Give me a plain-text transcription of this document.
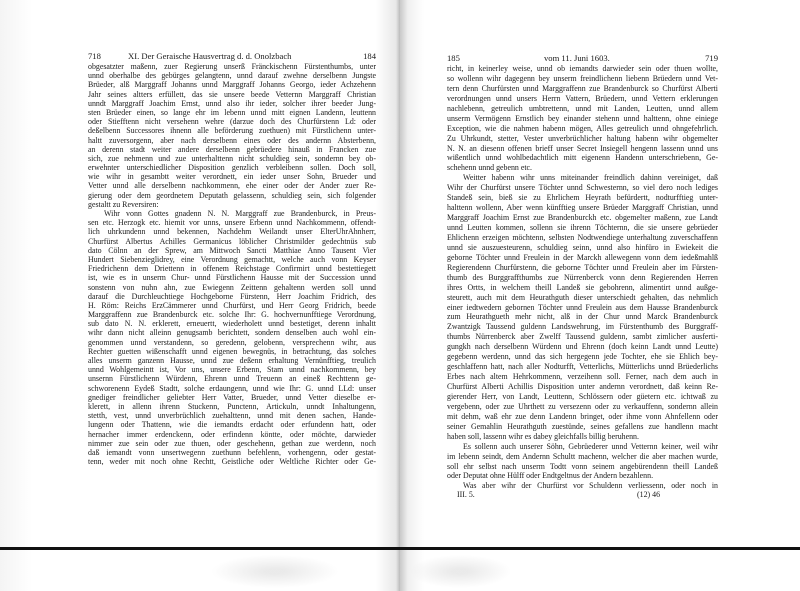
718	XI. Der Geraische Hausvertrag d. d. Onolzbach	184
obgesatzter maßenn, zuer Regierung unserß Fränckischenn Fürstenthumbs, unter
unnd oberhalbe des gebürges gelangtenn, unnd darauf zwehne derselbenn Jungste
Brüeder, alß Marggraff Johanns unnd Marggraff Johanns Georgo, ieder Achzehenn
Jahr seines altters erfüllett, das sie unsere beede Vetternn Marggraff Christian
unndt Marggraff Joachim Ernst, unnd also ihr ieder, solcher ihrer beeder Jung-
sten Brüeder einen, so lange ehr im lebenn unnd mitt eignen Landenn, leuttenn
oder Stiefftenn nicht versehenn wehre (darzue doch des Churfürstenn Ld: oder
deßelbenn Successores ihnenn alle beförderung zuethuen) mit Fürstlichenn unter-
haltt zuversorgenn, aber nach derselbenn eines oder des andernn Absterbenn,
an derenn stadt weiter andere derselbenn gebrüedere hinauß in Francken zue
sich, zue nehmenn und zue unterhalttenn nicht schuldieg sein, sondernn bey ob-
erwehnter unterschiedlicher Disposition genzlich verbleibenn sollen. Doch soll,
wie wihr in gesambtt weiter verordnett, ein ieder unser Sohn, Brueder und
Vetter unnd alle derselbenn nachkommenn, ehe einer oder der Ander zuer Re-
gierung oder dem geordnetem Deputath gelassenn, schuldieg sein, sich folgender
gestaltt zu Reversiren:
Wihr vonn Gottes gnadenn N. N. Marggraff zue Brandenburck, in Preus-
sen etc. Herzogk etc. hiemit vor unns, unsere Erbenn unnd Nachkommenn, offendt-
lich uhrkundenn unnd bekennen, Nachdehm Weilandt unser ElterUhrAhnherr,
Churfürst Albertus Achilles Germanicus löblicher Christmilder gedechtnüs sub
dato Cölnn an der Sprew, am Mittwoch Sancti Matthiae Anno Tausent Vier
Hundert Siebenzieglidrey, eine Verordnung gemachtt, welche auch vonn Keyser
Friedrichenn dem Driettenn in offenem Reichstage Confirmirt unnd bestettiegett
ist, wie es in unserm Chur- unnd Fürstlichenn Hausse mit der Succession unnd
sonstenn von nuhn ahn, zue Ewiegenn Zeittenn gehaltenn werden soll unnd
darauf die Durchleuchtiege Hochgeborne Fürstenn, Herr Joachim Fridrich, des
H. Röm: Reichs ErzCämmerer unnd Churfürst, und Herr Georg Fridrich, beede
Marggraffenn zue Brandenburck etc. solche Ihr: G. hochvernunfftiege Verordnung,
sub dato N. N. erklerett, erneuertt, wiederholett unnd bestetiget, derenn inhaltt
wihr dann nicht alleinn genugsamb berichtett, sondern denselben auch wohl ein-
genommen unnd verstandenn, so geredenn, gelobenn, versprechenn wihr, aus
Rechter guetten wißenschafft unnd eigenen bewegnüs, in betrachtung, das solches
alles unserm ganzenn Hausse, unnd zue deßenn erhaltung Vernünfftieg, treulich
unnd Wohlgemeintt ist, Vor uns, unsere Erbenn, Stam unnd nachkommenn, bey
unsernn Fürstlichenn Würdenn, Ehrenn unnd Treuenn an eineß Rechttenn ge-
schworenenn Eydeß Stadtt, solche erdaungenn, unnd wie Ihr: G. unnd LLd: unser
gnediger freindlicher geliebter Herr Vatter, Brueder, unnd Vetter dieselbe er-
klerett, in allenn ihrenn Stuckenn, Punctenn, Artickuln, unndt Inhaltungenn,
stetth, vest, unnd unverbrüchlich zuehalttenn, unnd mit denen sachen, Hande-
lungenn oder Thattenn, wie die iemandts erdacht oder erfundenn hatt, oder
hernacher immer erdenckenn, oder erfindenn köntte, oder möchte, darwieder
nimmer zue sein oder zue thuen, oder geschehenn, gethan zue werdenn, noch
daß iemandt vonn unsertwegenn zuethunn befehlenn, vorhengenn, oder gestat-
tenn, weder mit noch ohne Rechtt, Geistliche oder Weltliche Richter oder Ge-
185	vom 11. Juni 1603.	719
richt, in keinerley weise, unnd ob iemandts darwieder sein oder thuen wollte,
so wollenn wihr dagegenn bey unserm freindlichenn liebenn Brüedern unnd Vet-
tern denn Churfürsten unnd Marggraffenn zue Brandenburck so Churfürst Alberti
verordnungen unnd unsers Herrn Vattern, Brüedern, unnd Vettern erklerungen
nachlebenn, getreulich umbtrettenn, unnd mit Landen, Leutten, unnd allem
unserm Vermögenn Ernstlich bey einander stehenn unnd halttenn, ohne einiege
Exception, wie die nahmen habenn mögen, Alles getreulich unnd ohngefehrlich.
Zu Uhrkundt, stetter, Vester unverbrüchlicher haltung habenn wihr obgemelter
N. N. an diesenn offenen brieff unser Secret Insiegell hengenn lassenn unnd uns
wißentlich unnd wohlbedachtlich mitt eigenenn Handenn unterschriebenn, Ge-
schehenn unnd gebenn etc.
Weitter habenn wihr unns miteinander freindlich dahinn vereiniget, daß
Wihr der Churfürst unsere Töchter unnd Schwesternn, so viel dero noch lediges
Standeß sein, bieß sie zu Ehrlichem Heyrath befürdertt, nodturfftieg unter-
halttenn wollenn, Aber wenn künfftieg unsere Brüeder Marggraff Christian, unnd
Marggraff Joachim Ernst zue Brandenburckh etc. obgemelter maßenn, zue Landt
unnd Leutten kommen, sollenn sie ihrenn Töchternn, die sie unsere gebrüeder
Ehlichenn erzeigen möchtenn, selbsten Nodtwendiege unterhaltung zuverschaffenn
unnd sie auszuesteurenn, schuldieg seinn, unnd also hinfüro in Ewiekeit die
geborne Töchter unnd Freulein in der Marckh allewegenn vonn dem iedeßmahlß
Regierendenn Churfürstenn, die geborne Töchter unnd Freulein aber im Fürsten-
thumb des Burggraffthumbs zue Nürrenberck vonn denn Regierenden Herren
ihres Ortts, in welchem theill Landeß sie gebohrenn, alimentirt unnd außge-
steurett, auch mit dem Heurathguth dieser unterschiedt gehalten, das nehmlich
einer iedtwedern gebornen Töchter unnd Freulein aus dem Hausse Brandenburck
zum Heurathgueth mehr nicht, alß in der Chur unnd Marck Brandenburck
Zwantzigk Taussend guldenn Landswehrung, im Fürstenthumb des Burggraff-
thumbs Nürrenberck aber Zwelff Taussend guldenn, sambt zimlicher ausferti-
gungkh nach derselbenn Würdenn und Ehrenn (doch keinn Landt unnd Leutte)
gegebenn werdenn, unnd das sich hergegenn jede Tochter, ehe sie Ehlich bey-
geschlaffenn hatt, nach aller Nodturfft, Vetterlichs, Mütterlichs unnd Brüederlichs
Erbes nach altem Hehrkommenn, verzeihenn soll. Ferner, nach dem auch in
Churfürst Alberti Achillis Disposition unter andernn verordnett, daß keinn Re-
gierender Herr, von Landt, Leuttenn, Schlössern oder güetern etc. ichtwaß zu
vergebenn, oder zue Uhrthett zu versezenn oder zu verkauffenn, sondernn allein
mit dehm, waß ehr zue denn Landenn bringet, oder ihme vonn Ahnfellenn oder
seiner Gemahlin Heurathguth zuestünde, seines gefallens zue handlenn macht
haben soll, lassenn wihr es dabey gleichfalls billig beruhenn.
Es sollenn auch unserer Söhn, Gebrüederer unnd Vetternn keiner, weil wihr
im lebenn seindt, dem Andernn Schultt machenn, welcher die aber machen wurde,
soll ehr selbst nach unserm Todtt vonn seinem angebürendenn theill Landeß
oder Deputat ohne Hülff oder Endtgeltnus der Andern bezahlenn.
Was aber wihr der Churfürst vor Schuldenn verliessenn, oder noch in
III. 5.	(12) 46
